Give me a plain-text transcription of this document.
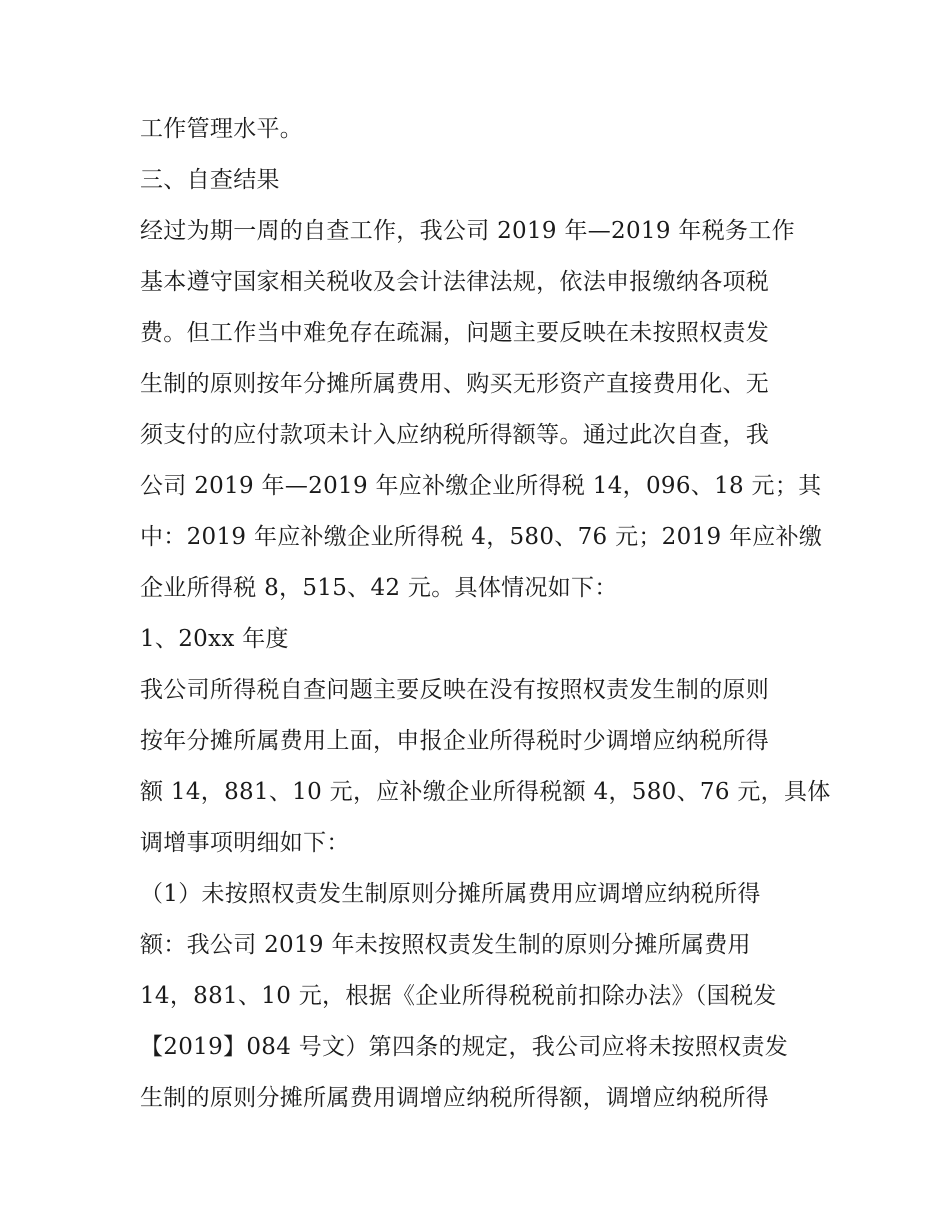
工作管理水平。
三、自查结果
经过为期一周的自查工作，我公司 2019 年—2019 年税务工作
基本遵守国家相关税收及会计法律法规，依法申报缴纳各项税
费。但工作当中难免存在疏漏，问题主要反映在未按照权责发
生制的原则按年分摊所属费用、购买无形资产直接费用化、无
须支付的应付款项未计入应纳税所得额等。通过此次自查，我
公司 2019 年—2019 年应补缴企业所得税 14，096、18 元；其
中：2019 年应补缴企业所得税 4，580、76 元；2019 年应补缴
企业所得税 8，515、42 元。具体情况如下：
1、20xx 年度
我公司所得税自查问题主要反映在没有按照权责发生制的原则
按年分摊所属费用上面，申报企业所得税时少调增应纳税所得
额 14，881、10 元，应补缴企业所得税额 4，580、76 元，具体
调增事项明细如下：
（1）未按照权责发生制原则分摊所属费用应调增应纳税所得
额：我公司 2019 年未按照权责发生制的原则分摊所属费用
14，881、10 元，根据《企业所得税税前扣除办法》（国税发
【2019】084 号文）第四条的规定，我公司应将未按照权责发
生制的原则分摊所属费用调增应纳税所得额，调增应纳税所得
